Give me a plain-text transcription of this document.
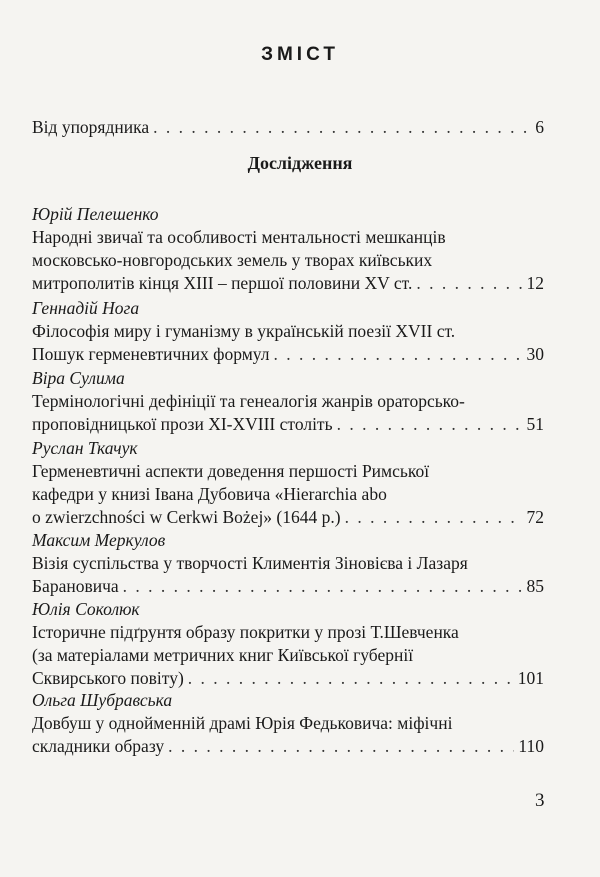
ЗМІСТ
Від упорядника . . .	6
Дослідження
Юрій Пелешенко
Народні звичаї та особливості ментальності мешканців
московсько-новгородських земель у творах київських
митрополитів кінця XIII – першої половини XV ст. . . .	12
Геннадій Нога
Філософія миру і гуманізму в українській поезії XVII ст.
Пошук герменевтичних формул . . .	30
Віра Сулима
Термінологічні дефініції та генеалогія жанрів ораторсько-
проповідницької прози XI-XVIII століть . . .	51
Руслан Ткачук
Герменевтичні аспекти доведення першості Римської
кафедри у книзі Івана Дубовича «Hierarchia abo
o zwierzchności w Cerkwi Bożej» (1644 р.) . . .	72
Максим Меркулов
Візія суспільства у творчості Климентія Зіновієва і Лазаря
Барановича . . .	85
Юлія Соколюк
Історичне підґрунтя образу покритки у прозі Т.Шевченка
(за матеріалами метричних книг Київської губернії
Сквирського повіту) . . .	101
Ольга Шубравська
Довбуш у однойменній драмі Юрія Федьковича: міфічні
складники образу . . .	110
3
